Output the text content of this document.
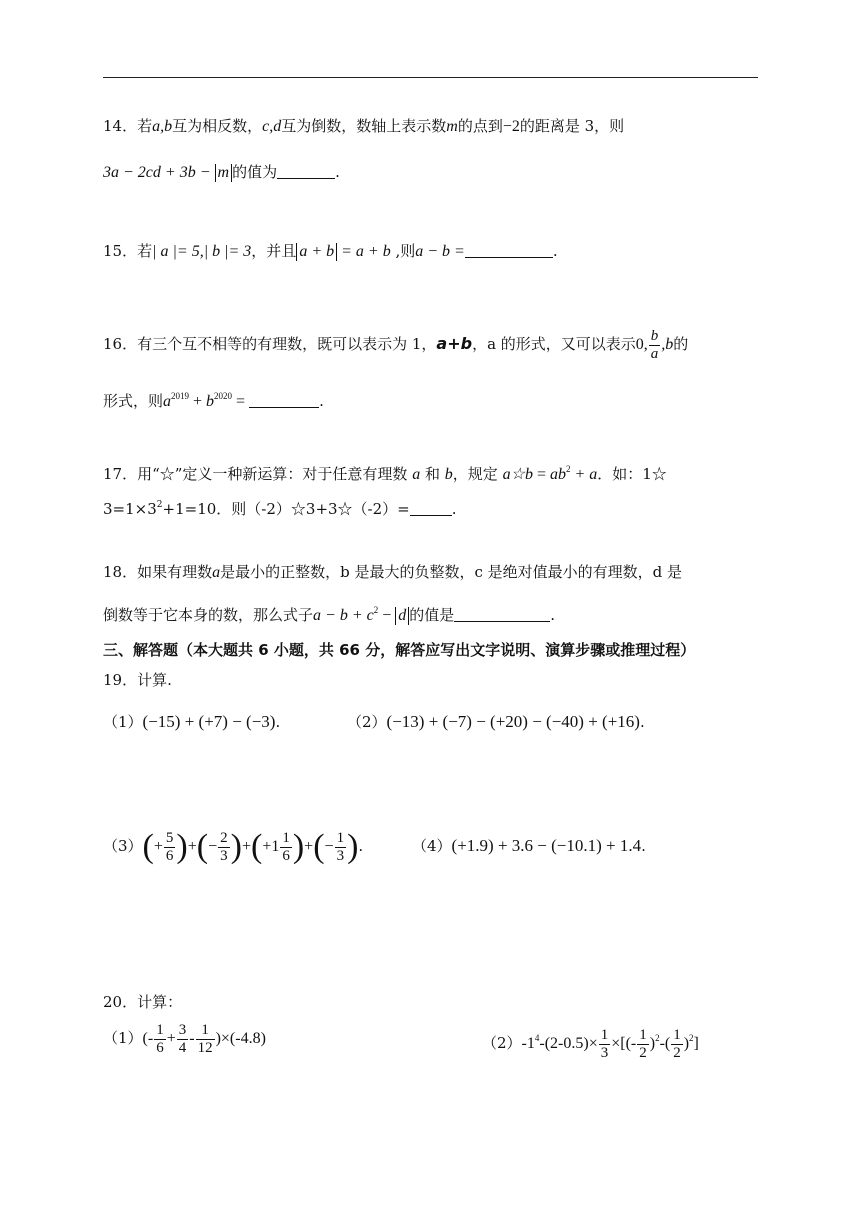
14．若a,b互为相反数，c,d互为倒数，数轴上表示数m的点到−2的距离是 3，则
3a − 2cd + 3b − m 的值为	.
15．若| a |= 5,| b |= 3，并且 a + b = a + b ,则a − b =	.
16．有三个互不相等的有理数，既可以表示为 1，a+b，a 的形式，又可以表示0, $\frac{b}{a} ,b$的
形式，则$a^{2019} + b^{2020}$ =	.
17．用“☆”定义一种新运算：对于任意有理数 a 和 b，规定 a☆b = $ab^2 + a$．如：1☆
$3=1\times 3^2+1=10$．则（-2）☆3+3☆（-2）=	.
18．如果有理数a是最小的正整数，b 是最大的负整数，c 是绝对值最小的有理数，d 是
倒数等于它本身的数，那么式子$a - b + c^2 - d$ 的值是	.
三、解答题（本大题共 6 小题，共 66 分，解答应写出文字说明、演算步骤或推理过程）
19．计算.
（1）(−15) + (+7) − (−3).	（2）(−13) + (−7) − (+20) − (−40) + (+16).
$(3)(+ \frac{5}{6}$ )+(− $\frac{2}{3} )+(+1 \frac{1}{6}$ )+(− $\frac{1}{3}$ ).	（4）(+1.9) + 3.6 − (−10.1) + 1.4.
20．计算：
$(1)(- \frac{1}{6} + \frac{3}{4} - \frac{1}{12} )\times(-4.8)$	$(2)-1^4-(2-0.5)\times \frac{1}{3}$ ×[(- $\frac{1}{2} )^2-( \frac{1}{2} )^2$]
